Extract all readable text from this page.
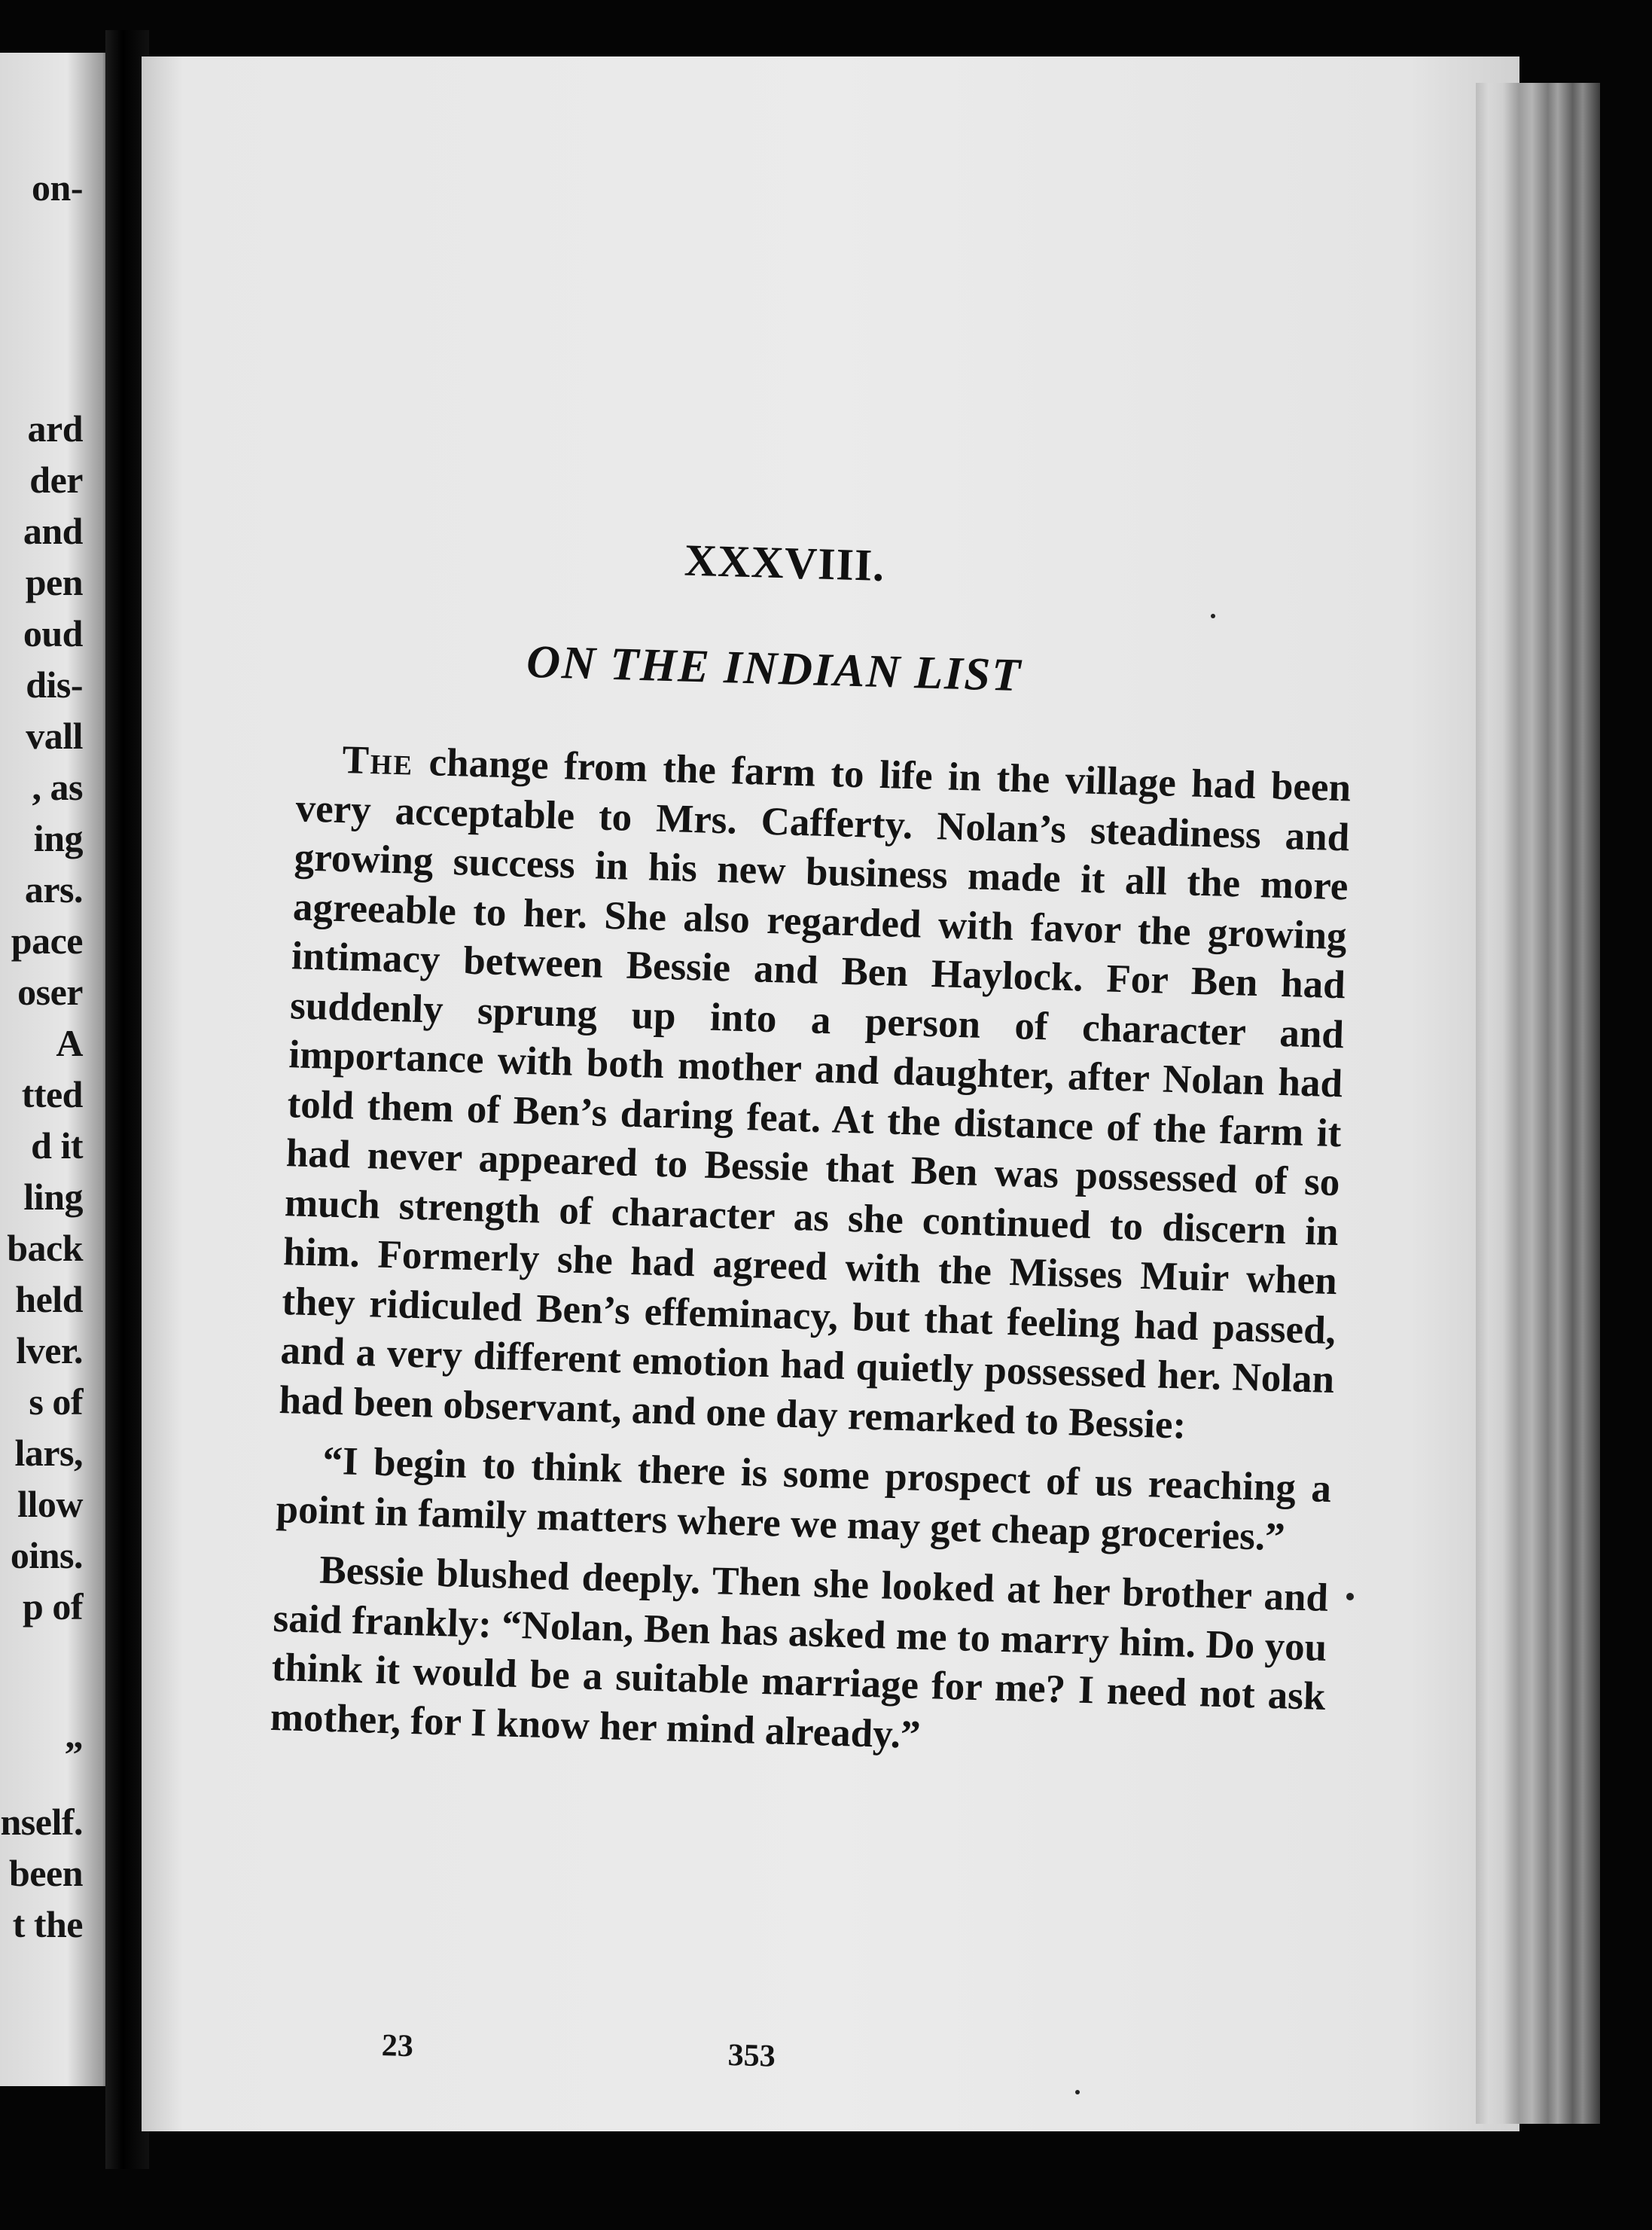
on-
ard
der
and
pen
oud
dis-
vall
, as
ing
ars.
pace
oser
A
tted
d it
ling
back
held
lver.
s of
lars,
llow
oins.
p of
”
nself.
been
t the
XXXVIII.
ON THE INDIAN LIST

The change from the farm to life in the village had been very acceptable to Mrs. Cafferty. Nolan’s steadiness and growing success in his new business made it all the more agreeable to her. She also regarded with favor the growing intimacy between Bessie and Ben Haylock. For Ben had suddenly sprung up into a person of character and importance with both mother and daughter, after Nolan had told them of Ben’s daring feat. At the distance of the farm it had never appeared to Bessie that Ben was possessed of so much strength of character as she continued to discern in him. Formerly she had agreed with the Misses Muir when they ridiculed Ben’s effeminacy, but that feeling had passed, and a very different emotion had quietly possessed her. Nolan had been observant, and one day remarked to Bessie:

“I begin to think there is some prospect of us reaching a point in family matters where we may get cheap groceries.”

Bessie blushed deeply. Then she looked at her brother and said frankly: “Nolan, Ben has asked me to marry him. Do you think it would be a suitable marriage for me? I need not ask mother, for I know her mind already.”

23	353
